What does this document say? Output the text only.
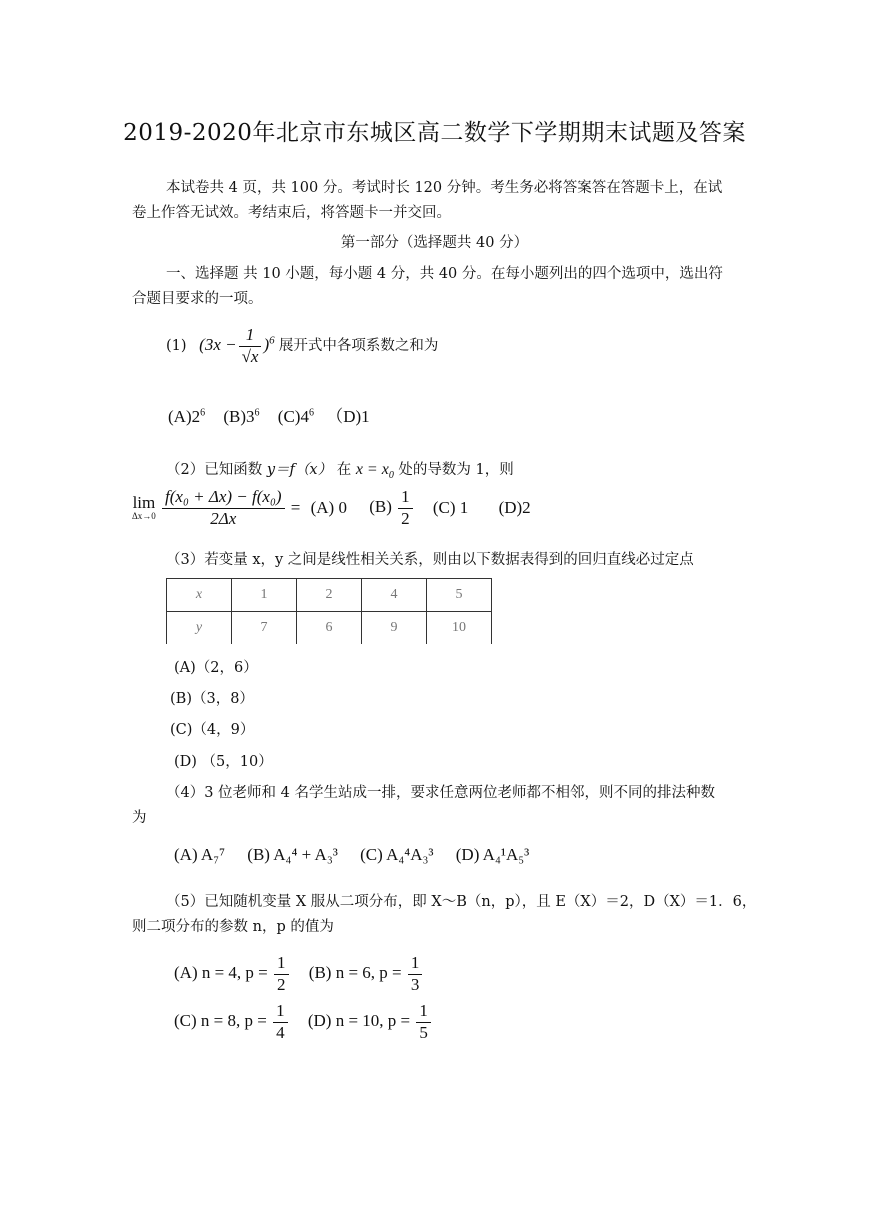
2019-2020年北京市东城区高二数学下学期期末试题及答案
本试卷共 4 页，共 100 分。考试时长 120 分钟。考生务必将答案答在答题卡上，在试
卷上作答无试效。考结束后，将答题卡一并交回。
第一部分（选择题共 40 分）
一、选择题 共 10 小题，每小题 4 分，共 40 分。在每小题列出的四个选项中，选出符
合题目要求的一项。
(1) $(3x - \frac{1}{√x} )^6$ 展开式中各项系数之和为
$(A)2^6$ $(B)3^6$ $(C)4^6$ （D)1
（2）已知函数 y＝f（x） 在 $x = x_0$ 处的导数为 1，则
lim
Δx→0
$\frac{\text{f(x₀ + Δx) − f(x₀)}}{2\Delta x} = (A)$ 0 $(B) \frac{1}{2} (C)$ 1 (D)2
（3）若变量 x，y 之间是线性相关关系，则由以下数据表得到的回归直线必过定点
x	1	2	4	5
y	7	6	9	10
(A)（2，6）
(B)（3，8）
(C)（4，9）
(D) （5，10）
（4）3 位老师和 4 名学生站成一排，要求任意两位老师都不相邻，则不同的排法种数
为
(A) A₇⁷ (B) A₄⁴ + A₃³ (C) A₄⁴A₃³ (D) A₄¹A₅³
（5）已知随机变量 X 服从二项分布，即 X～B（n，p），且 E（X）＝2，D（X）＝1．6，
则二项分布的参数 n，p 的值为
(A) n = 4, $p = \frac{1}{2} (B) n = 6$, $p = \frac{1}{3}$
(C) n = 8, $p = \frac{1}{4} (D) n = 10$, $p = \frac{1}{5}$
